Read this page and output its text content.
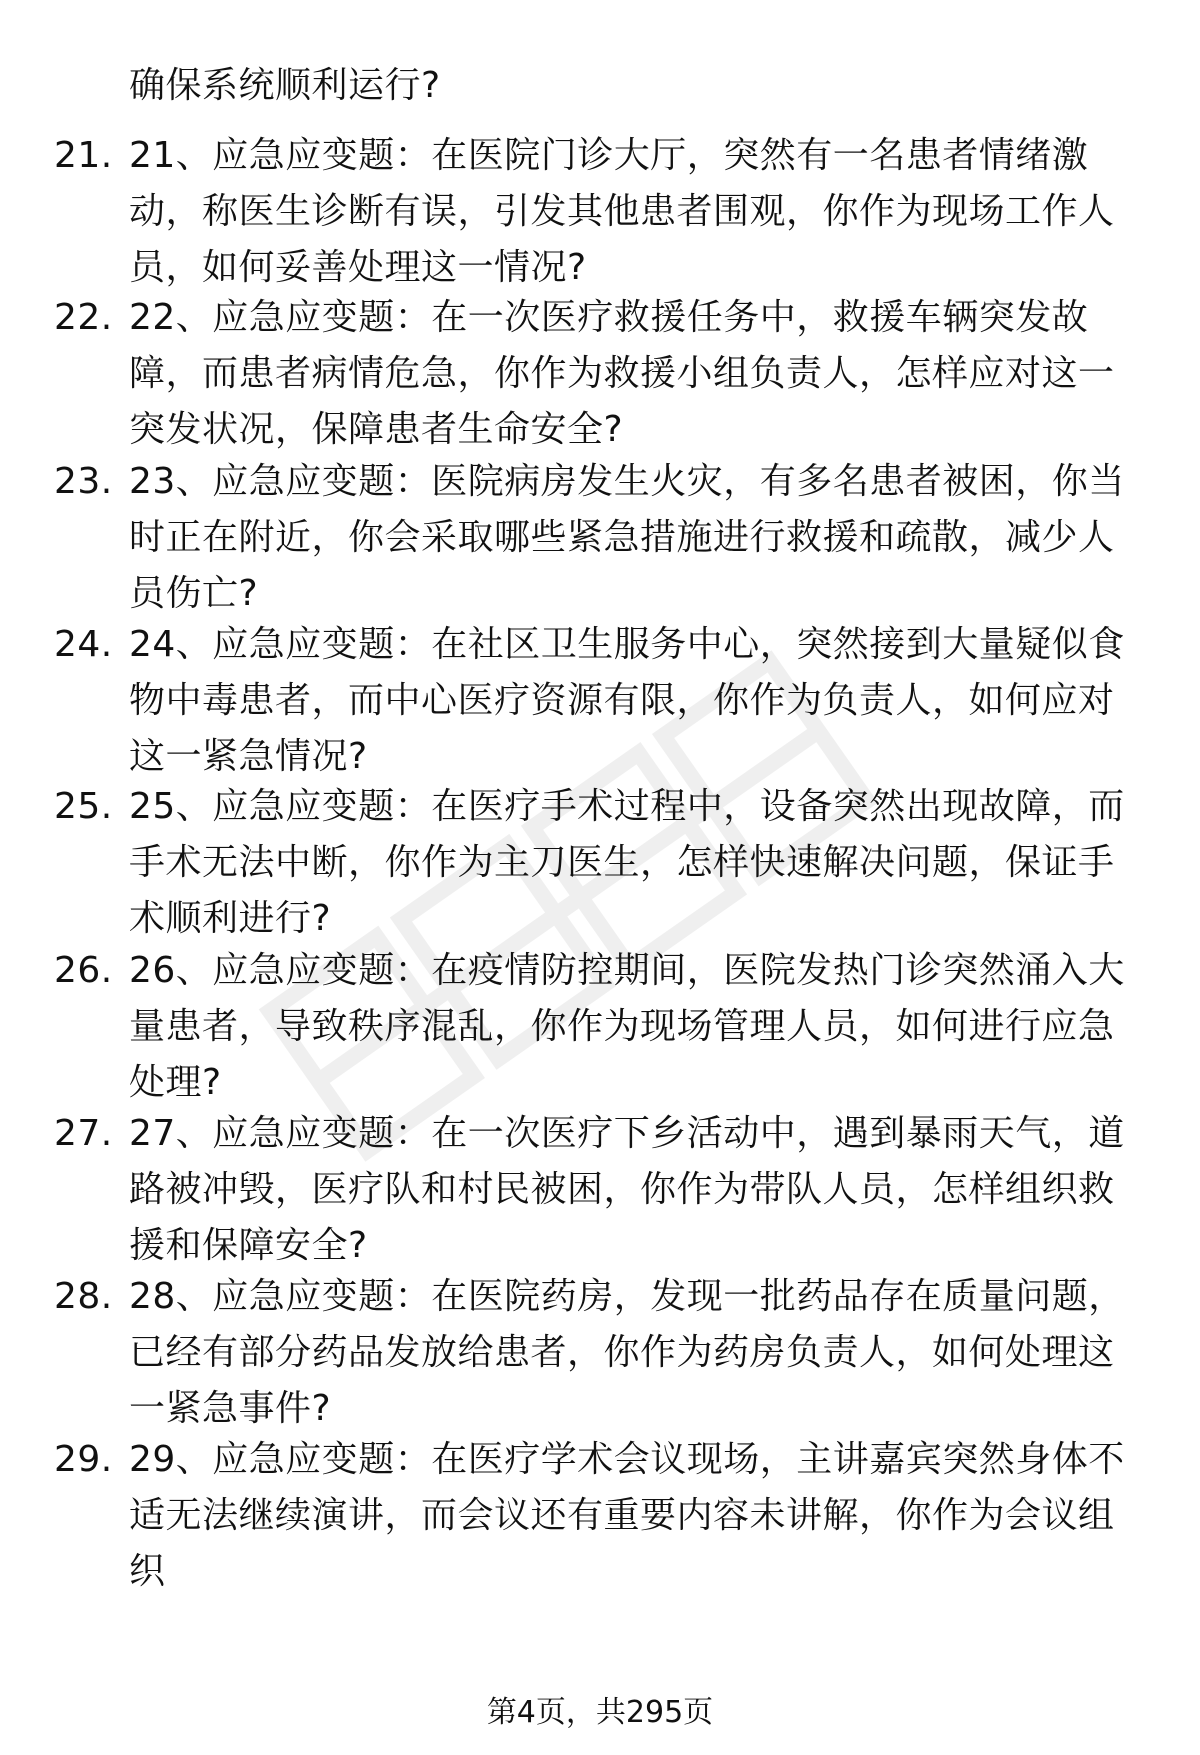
确保系统顺利运行?
21. 21、应急应变题：在医院门诊大厅，突然有一名患者情绪激动，称医生诊断有误，引发其他患者围观，你作为现场工作人员，如何妥善处理这一情况?
22. 22、应急应变题：在一次医疗救援任务中，救援车辆突发故障，而患者病情危急，你作为救援小组负责人，怎样应对这一突发状况，保障患者生命安全?
23. 23、应急应变题：医院病房发生火灾，有多名患者被困，你当时正在附近，你会采取哪些紧急措施进行救援和疏散，减少人员伤亡?
24. 24、应急应变题：在社区卫生服务中心，突然接到大量疑似食物中毒患者，而中心医疗资源有限，你作为负责人，如何应对这一紧急情况?
25. 25、应急应变题：在医疗手术过程中，设备突然出现故障，而手术无法中断，你作为主刀医生，怎样快速解决问题，保证手术顺利进行?
26. 26、应急应变题：在疫情防控期间，医院发热门诊突然涌入大量患者，导致秩序混乱，你作为现场管理人员，如何进行应急处理?
27. 27、应急应变题：在一次医疗下乡活动中，遇到暴雨天气，道路被冲毁，医疗队和村民被困，你作为带队人员，怎样组织救援和保障安全?
28. 28、应急应变题：在医院药房，发现一批药品存在质量问题，已经有部分药品发放给患者，你作为药房负责人，如何处理这一紧急事件?
29. 29、应急应变题：在医疗学术会议现场，主讲嘉宾突然身体不适无法继续演讲，而会议还有重要内容未讲解，你作为会议组织
第4页，共295页
